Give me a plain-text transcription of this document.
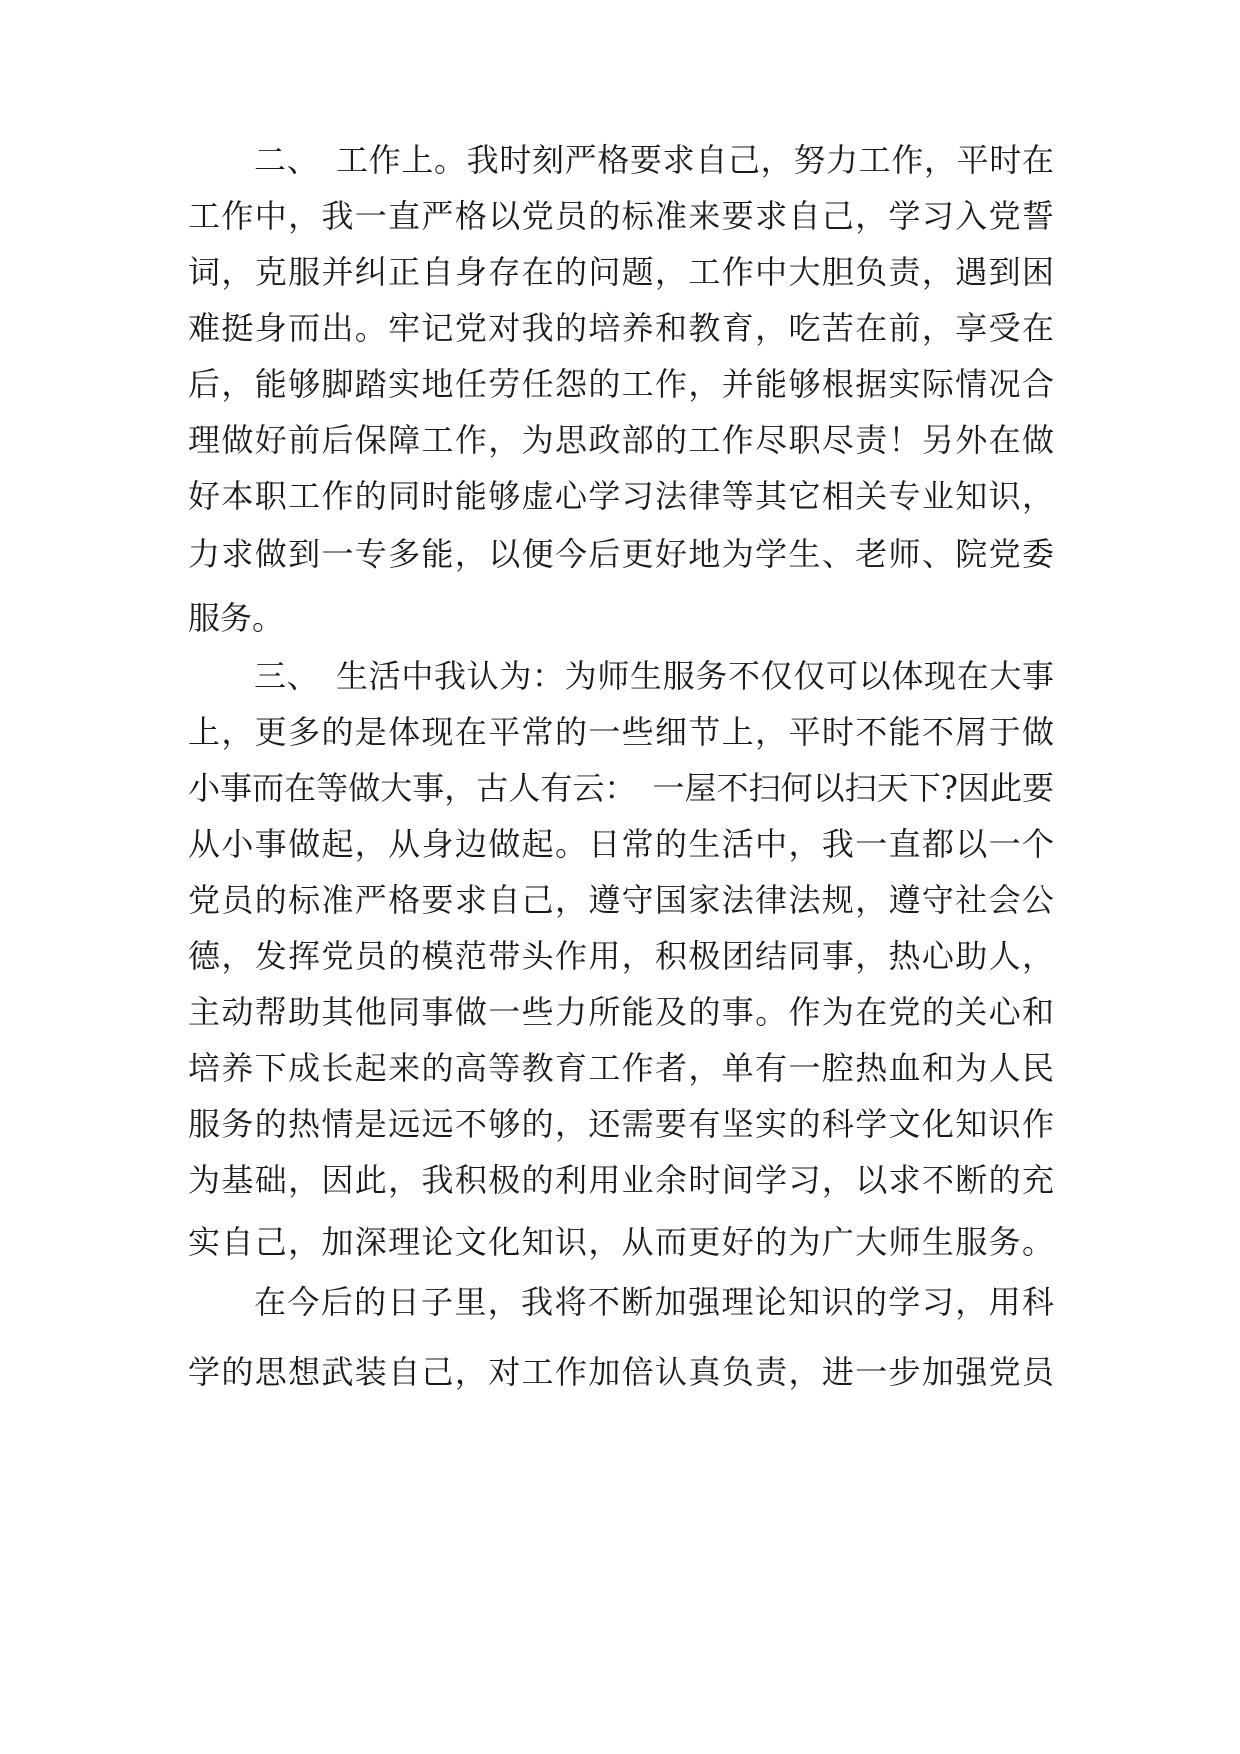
二、　工作上。我时刻严格要求自己，努力工作，平时在

工作中，我一直严格以党员的标准来要求自己，学习入党誓

词，克服并纠正自身存在的问题，工作中大胆负责，遇到困

难挺身而出。牢记党对我的培养和教育，吃苦在前，享受在

后，能够脚踏实地任劳任怨的工作，并能够根据实际情况合

理做好前后保障工作，为思政部的工作尽职尽责！另外在做

好本职工作的同时能够虚心学习法律等其它相关专业知识，

力求做到一专多能，以便今后更好地为学生、老师、院党委

服务。

三、　生活中我认为：为师生服务不仅仅可以体现在大事

上，更多的是体现在平常的一些细节上，平时不能不屑于做

小事而在等做大事，古人有云：　一屋不扫何以扫天下?因此要

从小事做起，从身边做起。日常的生活中，我一直都以一个

党员的标准严格要求自己，遵守国家法律法规，遵守社会公

德，发挥党员的模范带头作用，积极团结同事，热心助人，

主动帮助其他同事做一些力所能及的事。作为在党的关心和

培养下成长起来的高等教育工作者，单有一腔热血和为人民

服务的热情是远远不够的，还需要有坚实的科学文化知识作

为基础，因此，我积极的利用业余时间学习，以求不断的充

实自己，加深理论文化知识，从而更好的为广大师生服务。

在今后的日子里，我将不断加强理论知识的学习，用科

学的思想武装自己，对工作加倍认真负责，进一步加强党员
